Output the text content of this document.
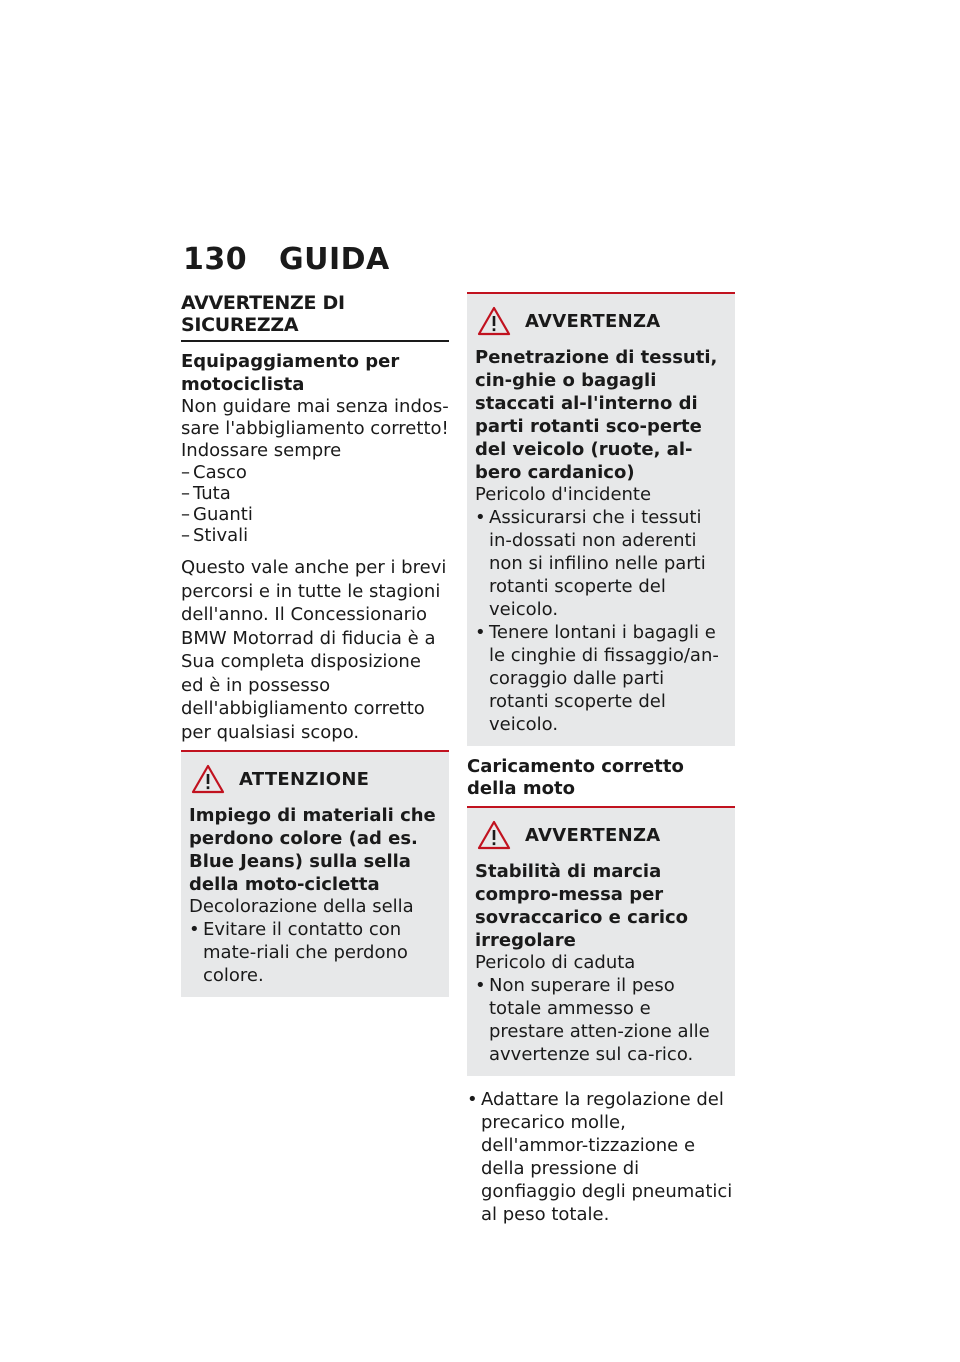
130 GUIDA
AVVERTENZE DI SICUREZZA

Equipaggiamento per motociclista

Non guidare mai senza indos-sare l'abbigliamento corretto!

Indossare sempre

– Casco
– Tuta
– Guanti
– Stivali

Questo vale anche per i brevi percorsi e in tutte le stagioni dell'anno. Il Concessionario BMW Motorrad di fiducia è a Sua completa disposizione ed è in possesso dell'abbigliamento corretto per qualsiasi scopo.

ATTENZIONE

Impiego di materiali che perdono colore (ad es. Blue Jeans) sulla sella della moto-cicletta

Decolorazione della sella

• Evitare il contatto con mate-riali che perdono colore.

AVVERTENZA

Penetrazione di tessuti, cin-ghie o bagagli staccati al-l'interno di parti rotanti sco-perte del veicolo (ruote, al-bero cardanico)

Pericolo d'incidente

• Assicurarsi che i tessuti in-dossati non aderenti non si infilino nelle parti rotanti scoperte del veicolo.

• Tenere lontani i bagagli e le cinghie di fissaggio/an-coraggio dalle parti rotanti scoperte del veicolo.

Caricamento corretto della moto

AVVERTENZA

Stabilità di marcia compro-messa per sovraccarico e carico irregolare

Pericolo di caduta

• Non superare il peso totale ammesso e prestare atten-zione alle avvertenze sul ca-rico.

• Adattare la regolazione del precarico molle, dell'ammor-tizzazione e della pressione di gonfiaggio degli pneumatici al peso totale.
